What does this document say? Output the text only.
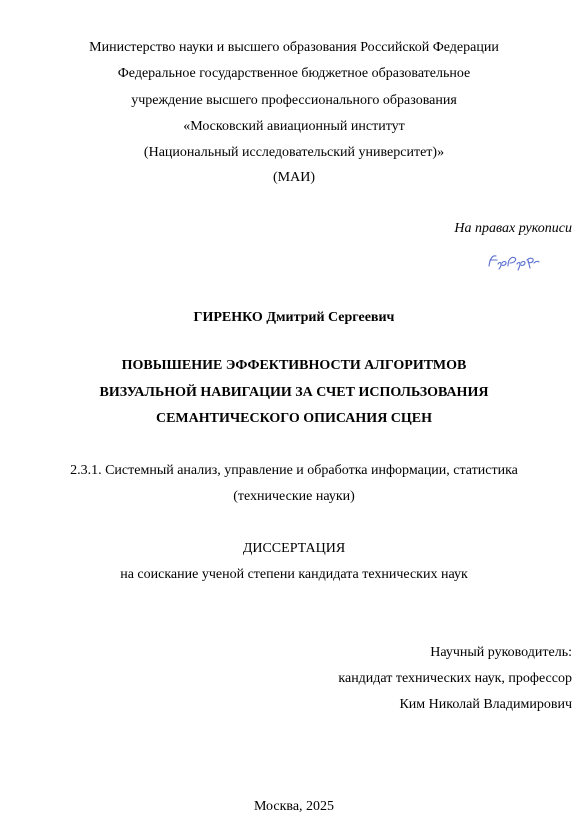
Министерство науки и высшего образования Российской Федерации
Федеральное государственное бюджетное образовательное
учреждение высшего профессионального образования
«Московский авиационный институт
(Национальный исследовательский университет)»
(МАИ)
На правах рукописи
ГИРЕНКО Дмитрий Сергеевич
ПОВЫШЕНИЕ ЭФФЕКТИВНОСТИ АЛГОРИТМОВ
ВИЗУАЛЬНОЙ НАВИГАЦИИ ЗА СЧЕТ ИСПОЛЬЗОВАНИЯ
СЕМАНТИЧЕСКОГО ОПИСАНИЯ СЦЕН
2.3.1. Системный анализ, управление и обработка информации, статистика
(технические науки)
ДИССЕРТАЦИЯ
на соискание ученой степени кандидата технических наук
Научный руководитель:
кандидат технических наук, профессор
Ким Николай Владимирович
Москва, 2025
